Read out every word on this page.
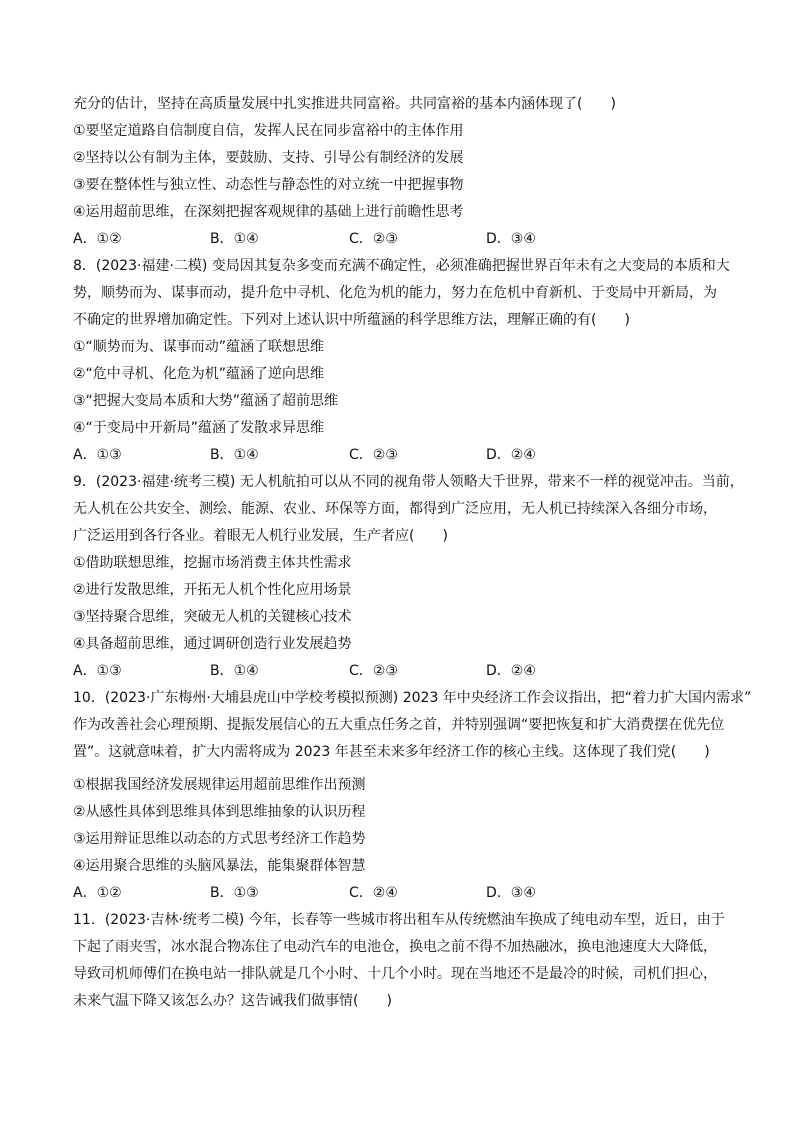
充分的估计，坚持在高质量发展中扎实推进共同富裕。共同富裕的基本内涵体现了(　　)
①要坚定道路自信制度自信，发挥人民在同步富裕中的主体作用
②坚持以公有制为主体，要鼓励、支持、引导公有制经济的发展
③要在整体性与独立性、动态性与静态性的对立统一中把握事物
④运用超前思维，在深刻把握客观规律的基础上进行前瞻性思考
A．①②	B．①④	C．②③	D．③④
8．(2023·福建·二模) 变局因其复杂多变而充满不确定性，必须准确把握世界百年未有之大变局的本质和大
势，顺势而为、谋事而动，提升危中寻机、化危为机的能力，努力在危机中育新机、于变局中开新局，为
不确定的世界增加确定性。下列对上述认识中所蕴涵的科学思维方法，理解正确的有(　　)
①“顺势而为、谋事而动”蕴涵了联想思维
②“危中寻机、化危为机”蕴涵了逆向思维
③“把握大变局本质和大势”蕴涵了超前思维
④“于变局中开新局”蕴涵了发散求异思维
A．①③	B．①④	C．②③	D．②④
9．(2023·福建·统考三模) 无人机航拍可以从不同的视角带人领略大千世界，带来不一样的视觉冲击。当前，
无人机在公共安全、测绘、能源、农业、环保等方面，都得到广泛应用，无人机已持续深入各细分市场，
广泛运用到各行各业。着眼无人机行业发展，生产者应(　　)
①借助联想思维，挖掘市场消费主体共性需求
②进行发散思维，开拓无人机个性化应用场景
③坚持聚合思维，突破无人机的关键核心技术
④具备超前思维，通过调研创造行业发展趋势
A．①③	B．①④	C．②③	D．②④
10．(2023·广东梅州·大埔县虎山中学校考模拟预测) 2023 年中央经济工作会议指出，把“着力扩大国内需求”
作为改善社会心理预期、提振发展信心的五大重点任务之首，并特别强调“要把恢复和扩大消费摆在优先位
置”。这就意味着，扩大内需将成为 2023 年甚至未来多年经济工作的核心主线。这体现了我们党(　　)
①根据我国经济发展规律运用超前思维作出预测
②从感性具体到思维具体到思维抽象的认识历程
③运用辩证思维以动态的方式思考经济工作趋势
④运用聚合思维的头脑风暴法，能集聚群体智慧
A．①②	B．①③	C．②④	D．③④
11．(2023·吉林·统考二模) 今年，长春等一些城市将出租车从传统燃油车换成了纯电动车型，近日，由于
下起了雨夹雪，冰水混合物冻住了电动汽车的电池仓，换电之前不得不加热融冰，换电池速度大大降低，
导致司机师傅们在换电站一排队就是几个小时、十几个小时。现在当地还不是最冷的时候，司机们担心，
未来气温下降又该怎么办？这告诫我们做事情(　　)
